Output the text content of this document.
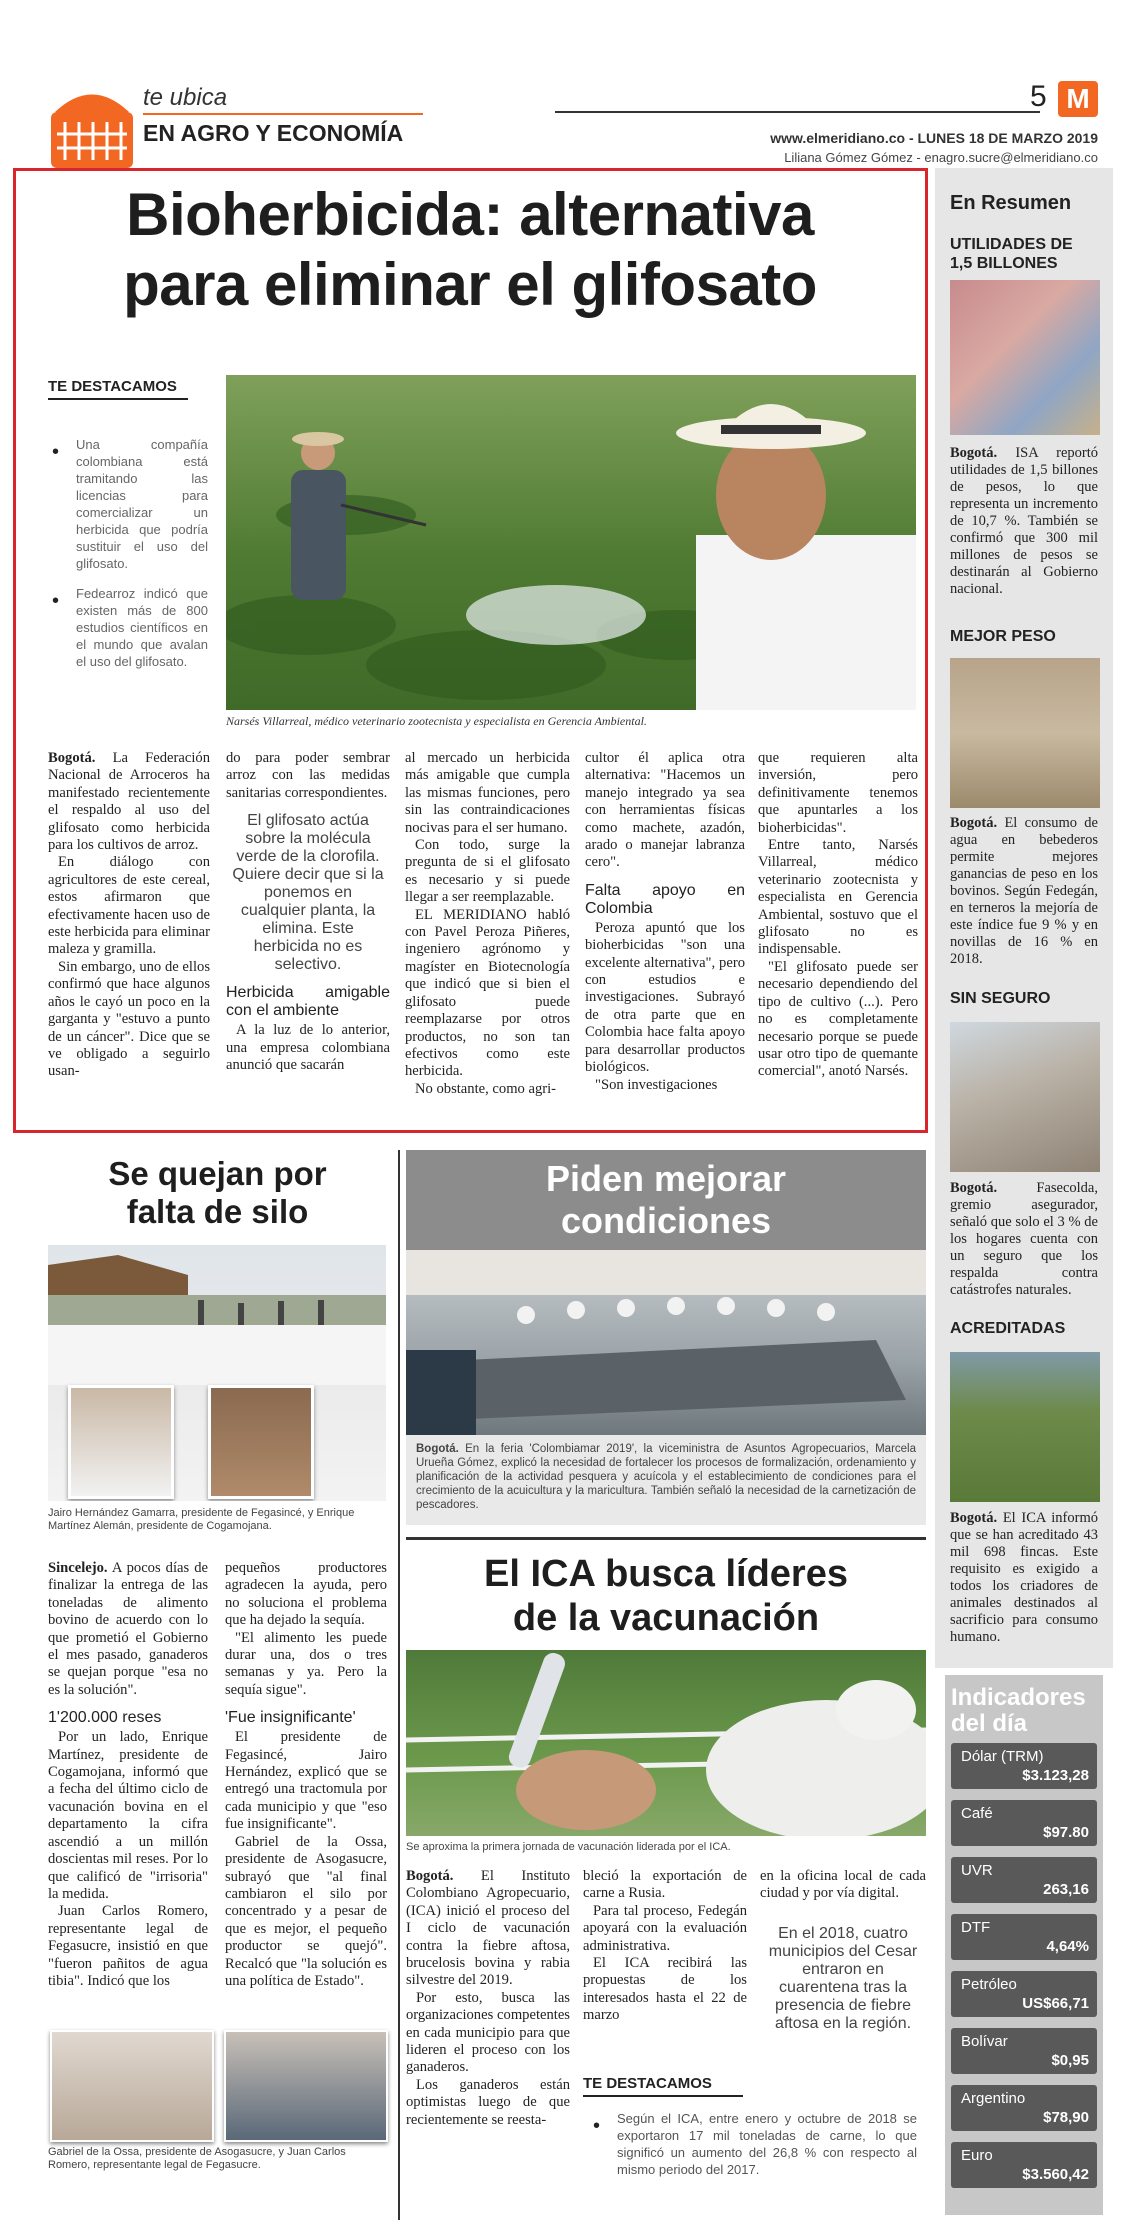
te ubica
EN AGRO Y ECONOMÍA
5 M
www.elmeridiano.co - LUNES 18 DE MARZO 2019
Liliana Gómez Gómez - enagro.sucre@elmeridiano.co
Bioherbicida: alternativa
para eliminar el glifosato
TE DESTACAMOS
• Una compañía colombiana está tramitando las licencias para comercializar un herbicida que podría sustituir el uso del glifosato.
• Fedearroz indicó que existen más de 800 estudios científicos en el mundo que avalan el uso del glifosato.
Narsés Villarreal, médico veterinario zootecnista y especialista en Gerencia Ambiental.

Bogotá. La Federación Nacional de Arroceros ha manifestado recientemente el respaldo al uso del glifosato como herbicida para los cultivos de arroz.

En diálogo con agricultores de este cereal, estos afirmaron que efectivamente hacen uso de este herbicida para eliminar maleza y gramilla.

Sin embargo, uno de ellos confirmó que hace algunos años le cayó un poco en la garganta y "estuvo a punto de un cáncer". Dice que se ve obligado a seguirlo usan-

do para poder sembrar arroz con las medidas sanitarias correspondientes.

El glifosato actúa sobre la molécula verde de la clorofila. Quiere decir que si la ponemos en cualquier planta, la elimina. Este herbicida no es selectivo.

Herbicida amigable con el ambiente

A la luz de lo anterior, una empresa colombiana anunció que sacarán

al mercado un herbicida más amigable que cumpla las mismas funciones, pero sin las contraindicaciones nocivas para el ser humano.

Con todo, surge la pregunta de si el glifosato es necesario y si puede llegar a ser reemplazable.

EL MERIDIANO habló con Pavel Peroza Piñeres, ingeniero agrónomo y magíster en Biotecnología que indicó que si bien el glifosato puede reemplazarse por otros productos, no son tan efectivos como este herbicida.

No obstante, como agri-

cultor él aplica otra alternativa: "Hacemos un manejo integrado ya sea con herramientas físicas como machete, azadón, arado o manejar labranza cero".

Falta apoyo en Colombia

Peroza apuntó que los bioherbicidas "son una excelente alternativa", pero con estudios e investigaciones. Subrayó de otra parte que en Colombia hace falta apoyo para desarrollar productos biológicos.

"Son investigaciones

que requieren alta inversión, pero definitivamente tenemos que apuntarles a los bioherbicidas".

Entre tanto, Narsés Villarreal, médico veterinario zootecnista y especialista en Gerencia Ambiental, sostuvo que el glifosato no es indispensable.

"El glifosato puede ser necesario dependiendo del tipo de cultivo (...). Pero no es completamente necesario porque se puede usar otro tipo de quemante comercial", anotó Narsés.

Se quejan por
falta de silo
Jairo Hernández Gamarra, presidente de Fegasincé, y Enrique Martínez Alemán, presidente de Cogamojana.

Sincelejo. A pocos días de finalizar la entrega de las toneladas de alimento bovino de acuerdo con lo que prometió el Gobierno el mes pasado, ganaderos se quejan porque "esa no es la solución".

1'200.000 reses

Por un lado, Enrique Martínez, presidente de Cogamojana, informó que a fecha del último ciclo de vacunación bovina en el departamento la cifra ascendió a un millón doscientas mil reses. Por lo que calificó de "irrisoria" la medida.

Juan Carlos Romero, representante legal de Fegasucre, insistió en que "fueron pañitos de agua tibia". Indicó que los

pequeños productores agradecen la ayuda, pero no soluciona el problema que ha dejado la sequía.

"El alimento les puede durar una, dos o tres semanas y ya. Pero la sequía sigue".

'Fue insignificante'

El presidente de Fegasincé, Jairo Hernández, explicó que se entregó una tractomula por cada municipio y que "eso fue insignificante".

Gabriel de la Ossa, presidente de Asogasucre, subrayó que "al final cambiaron el silo por concentrado y a pesar de que es mejor, el pequeño productor se quejó". Recalcó que "la solución es una política de Estado".

Gabriel de la Ossa, presidente de Asogasucre, y Juan Carlos Romero, representante legal de Fegasucre.
Piden mejorar
condiciones
Bogotá. En la feria 'Colombiamar 2019', la viceministra de Asuntos Agropecuarios, Marcela Urueña Gómez, explicó la necesidad de fortalecer los procesos de formalización, ordenamiento y planificación de la actividad pesquera y acuícola y el establecimiento de condiciones para el crecimiento de la acuicultura y la maricultura. También señaló la necesidad de la carnetización de pescadores.
El ICA busca líderes
de la vacunación
Se aproxima la primera jornada de vacunación liderada por el ICA.

Bogotá. El Instituto Colombiano Agropecuario, (ICA) inició el proceso del I ciclo de vacunación contra la fiebre aftosa, brucelosis bovina y rabia silvestre del 2019.

Por esto, busca las organizaciones competentes en cada municipio para que lideren el proceso con los ganaderos.

Los ganaderos están optimistas luego de que recientemente se reesta-

bleció la exportación de carne a Rusia.

Para tal proceso, Fedegán apoyará con la evaluación administrativa.

El ICA recibirá las propuestas de los interesados hasta el 22 de marzo

en la oficina local de cada ciudad y por vía digital.

En el 2018, cuatro municipios del Cesar entraron en cuarentena tras la presencia de fiebre aftosa en la región.

TE DESTACAMOS
• Según el ICA, entre enero y octubre de 2018 se exportaron 17 mil toneladas de carne, lo que significó un aumento del 26,8 % con respecto al mismo periodo del 2017.
En Resumen
UTILIDADES DE 1,5 BILLONES
Bogotá. ISA reportó utilidades de 1,5 billones de pesos, lo que representa un incremento de 10,7 %. También se confirmó que 300 mil millones de pesos se destinarán al Gobierno nacional.
MEJOR PESO
Bogotá. El consumo de agua en bebederos permite mejores ganancias de peso en los bovinos. Según Fedegán, en terneros la mejoría de este índice fue 9 % y en novillas de 16 % en 2018.
SIN SEGURO
Bogotá.	Fasecolda, gremio asegurador, señaló que solo el 3 % de los hogares cuenta con un seguro que los respalda contra catástrofes naturales.
ACREDITADAS
Bogotá. El ICA informó que se han acreditado 43 mil 698 fincas. Este requisito es exigido a todos los criadores de animales destinados al sacrificio para consumo humano.
Indicadores
del día
Dólar (TRM)
$3.123,28
Café
$97.80
UVR
263,16
DTF
4,64%
Petróleo
US$66,71
Bolívar
$0,95
Argentino
$78,90
Euro
$3.560,42
